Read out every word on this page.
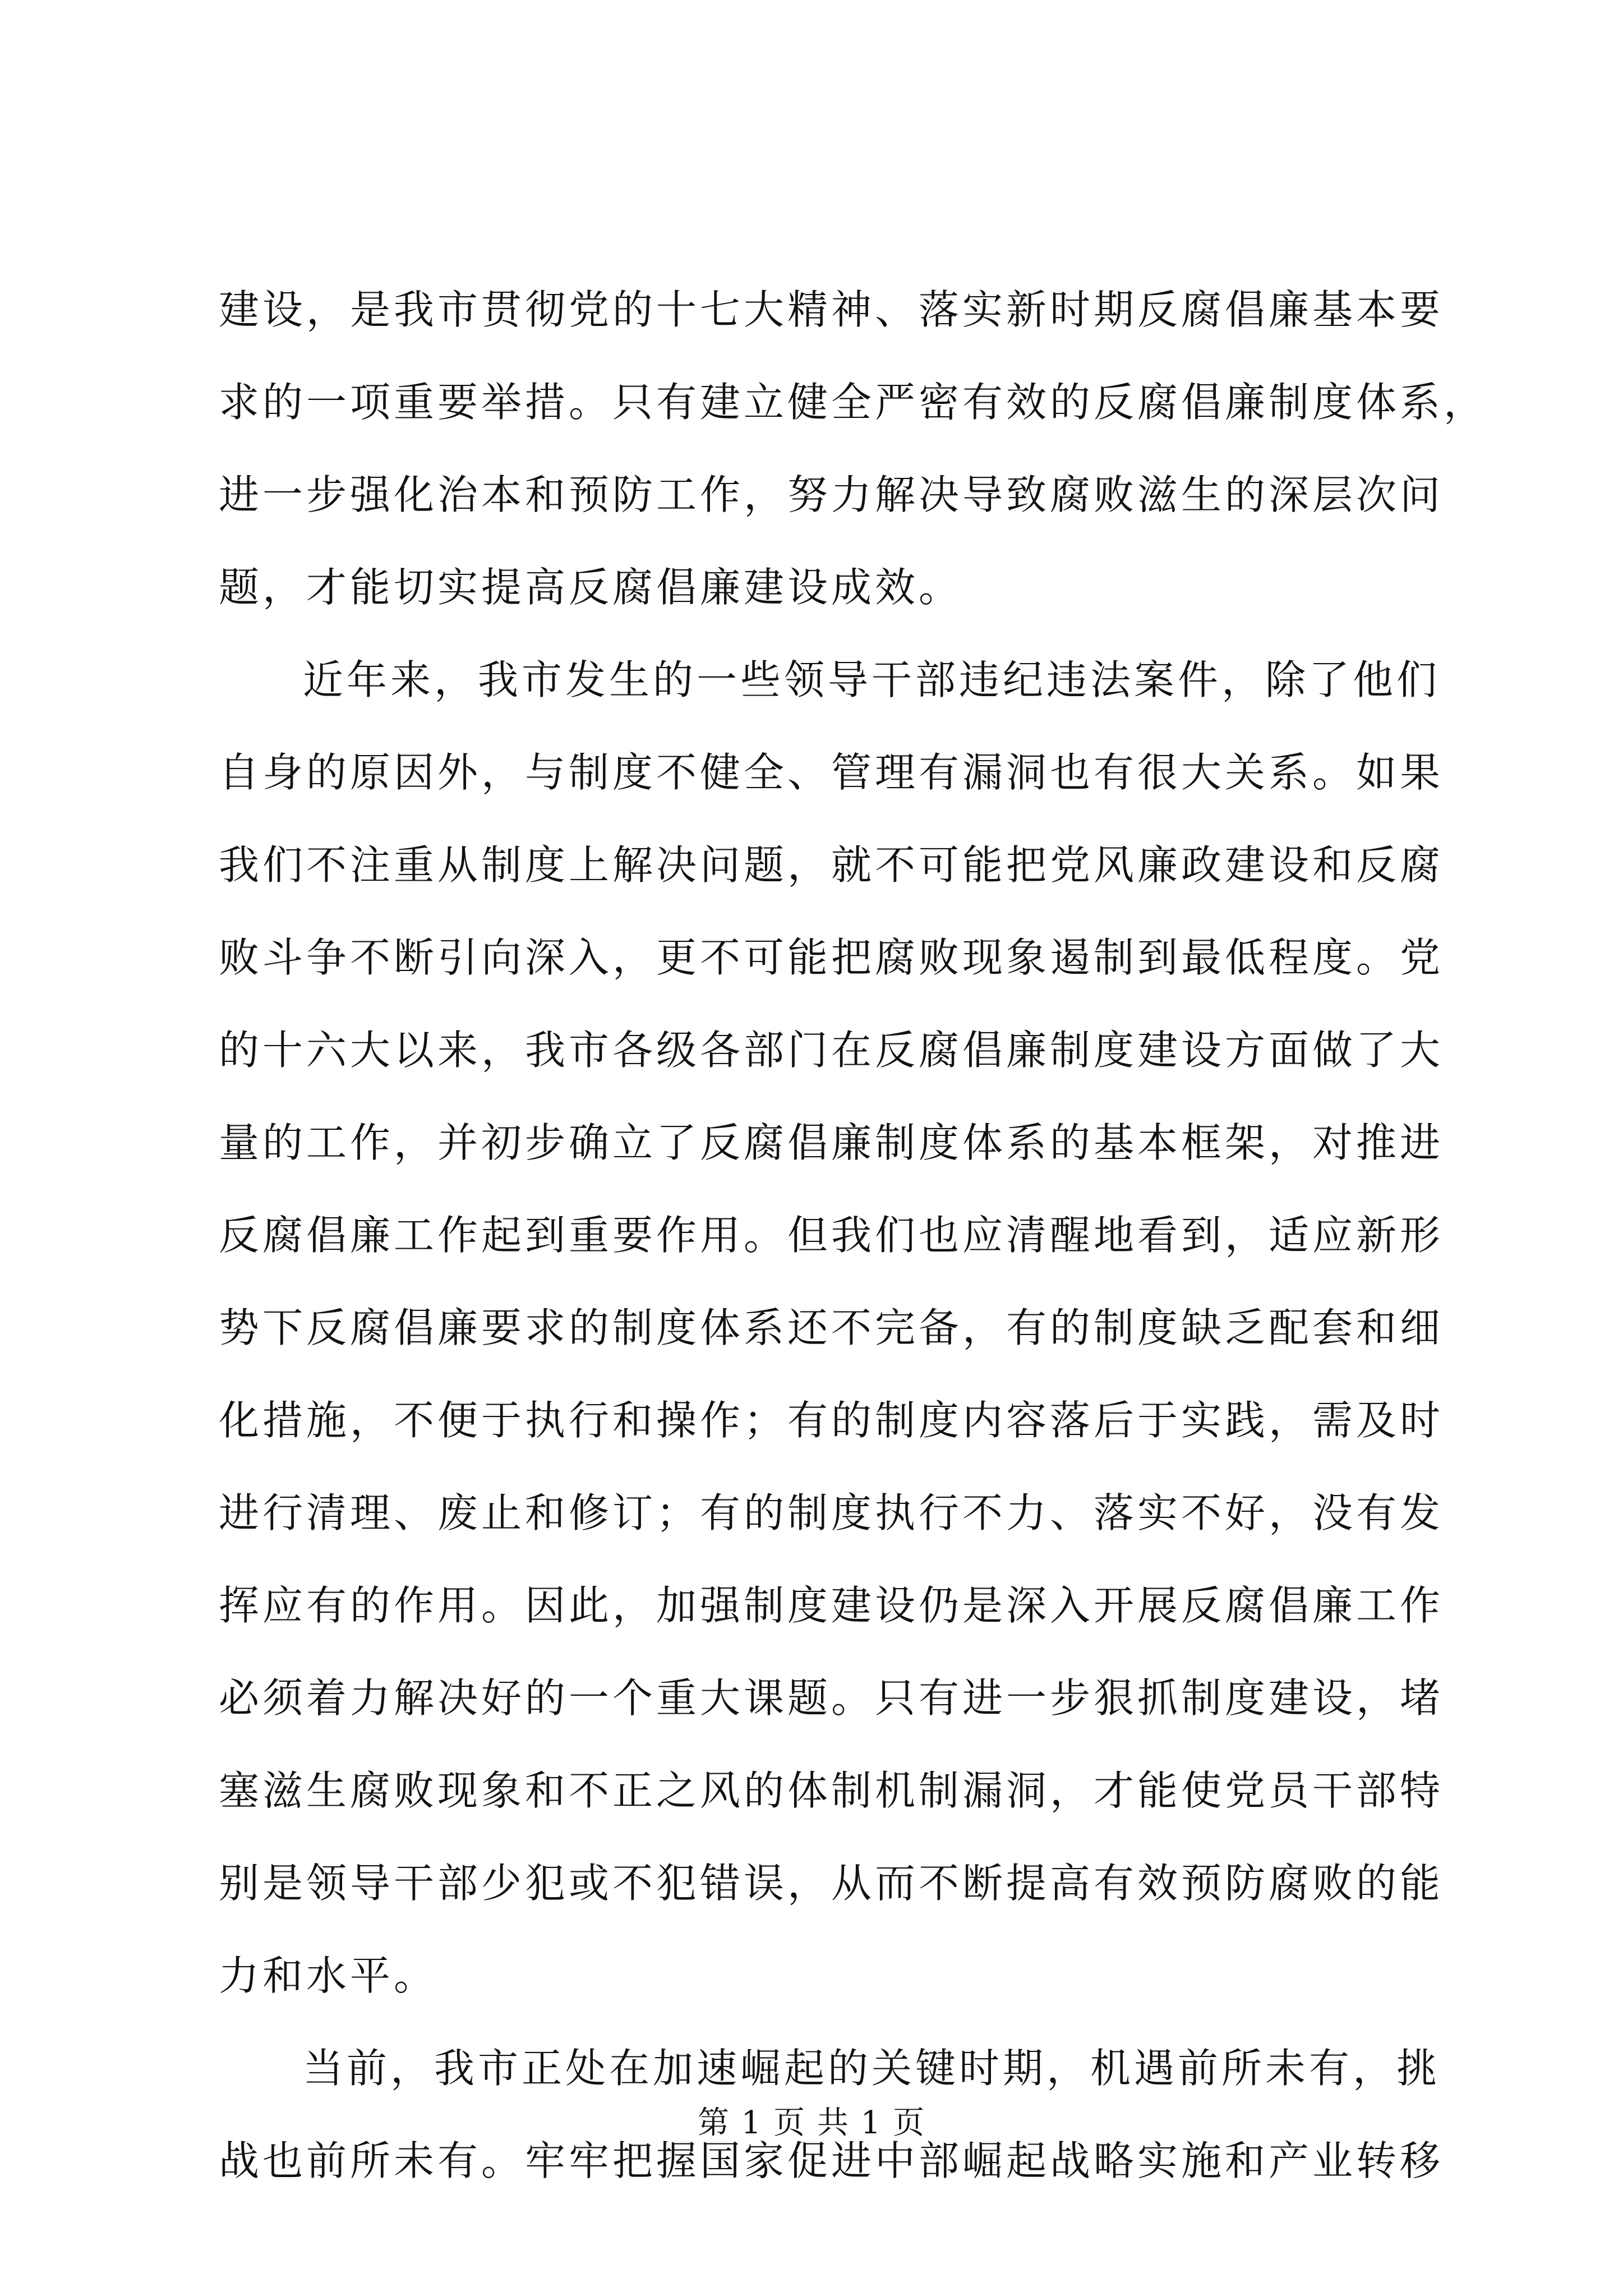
建设，是我市贯彻党的十七大精神、落实新时期反腐倡廉基本要
求的一项重要举措。只有建立健全严密有效的反腐倡廉制度体系，
进一步强化治本和预防工作，努力解决导致腐败滋生的深层次问
题，才能切实提高反腐倡廉建设成效。
近年来，我市发生的一些领导干部违纪违法案件，除了他们
自身的原因外，与制度不健全、管理有漏洞也有很大关系。如果
我们不注重从制度上解决问题，就不可能把党风廉政建设和反腐
败斗争不断引向深入，更不可能把腐败现象遏制到最低程度。党
的十六大以来，我市各级各部门在反腐倡廉制度建设方面做了大
量的工作，并初步确立了反腐倡廉制度体系的基本框架，对推进
反腐倡廉工作起到重要作用。但我们也应清醒地看到，适应新形
势下反腐倡廉要求的制度体系还不完备，有的制度缺乏配套和细
化措施，不便于执行和操作；有的制度内容落后于实践，需及时
进行清理、废止和修订；有的制度执行不力、落实不好，没有发
挥应有的作用。因此，加强制度建设仍是深入开展反腐倡廉工作
必须着力解决好的一个重大课题。只有进一步狠抓制度建设，堵
塞滋生腐败现象和不正之风的体制机制漏洞，才能使党员干部特
别是领导干部少犯或不犯错误，从而不断提高有效预防腐败的能
力和水平。
当前，我市正处在加速崛起的关键时期，机遇前所未有，挑
战也前所未有。牢牢把握国家促进中部崛起战略实施和产业转移
第 1 页 共 1 页
